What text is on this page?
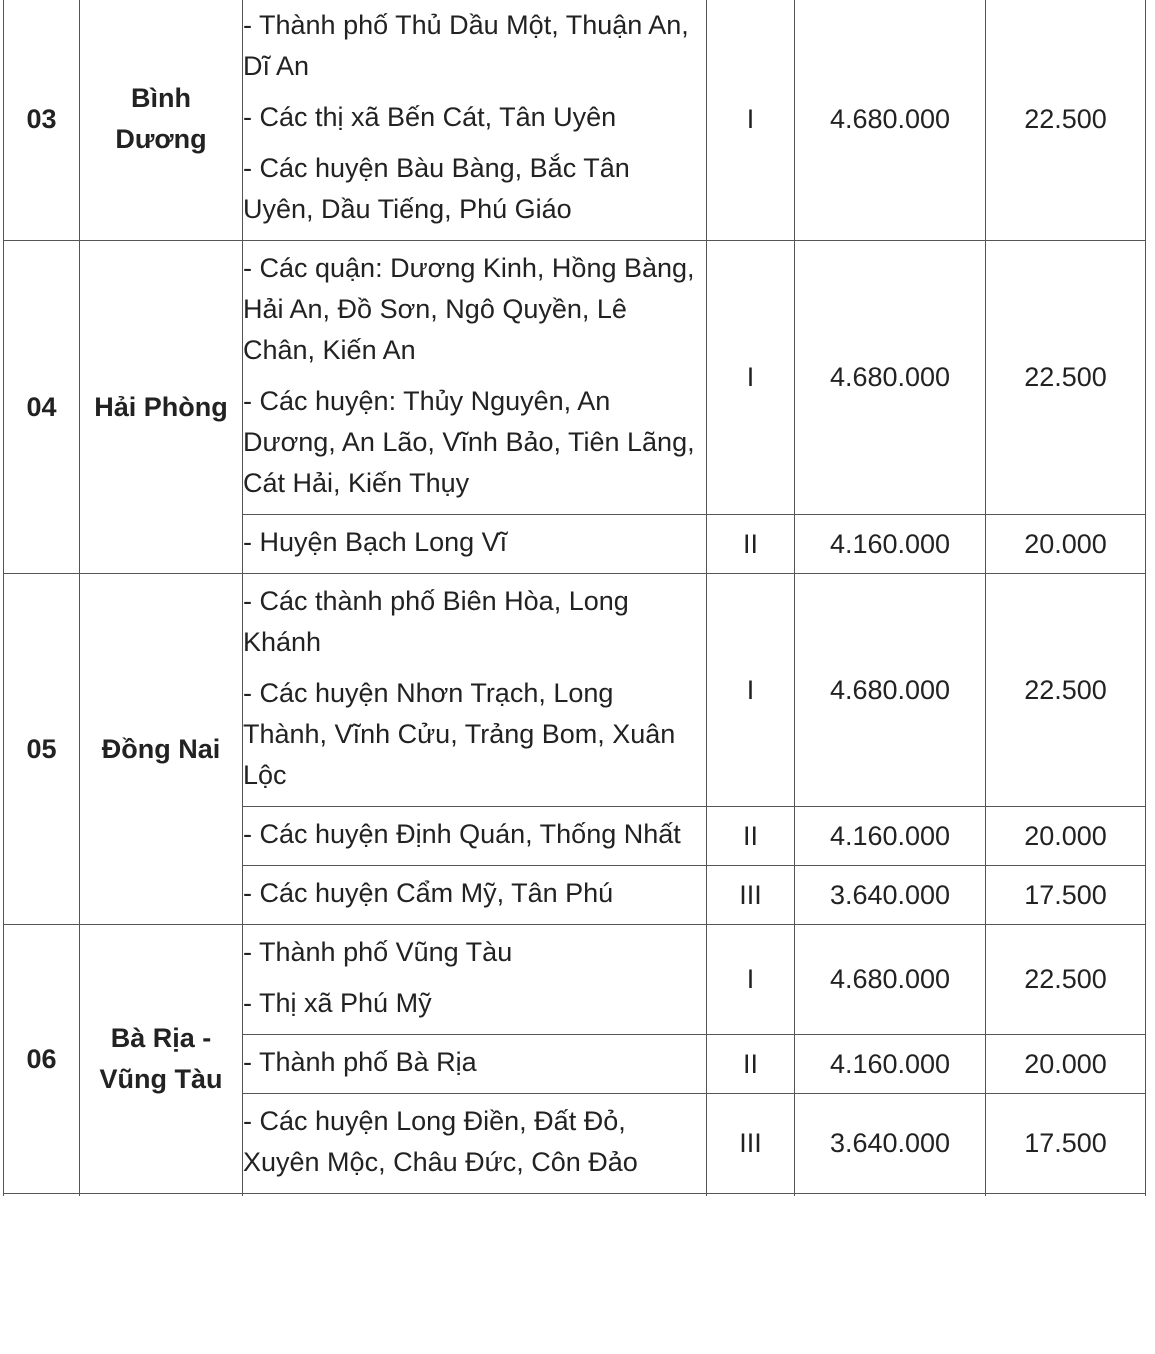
03	Bình Dương	- Thành phố Thủ Dầu Một, Thuận An, Dĩ An

- Các thị xã Bến Cát, Tân Uyên

- Các huyện Bàu Bàng, Bắc Tân Uyên, Dầu Tiếng, Phú Giáo	I	4.680.000	22.500
04	Hải Phòng	- Các quận: Dương Kinh, Hồng Bàng, Hải An, Đồ Sơn, Ngô Quyền, Lê Chân, Kiến An

- Các huyện: Thủy Nguyên, An Dương, An Lão, Vĩnh Bảo, Tiên Lãng, Cát Hải, Kiến Thụy	I	4.680.000	22.500

		- Huyện Bạch Long Vĩ	II	4.160.000	20.000
05	Đồng Nai	- Các thành phố Biên Hòa, Long Khánh

- Các huyện Nhơn Trạch, Long Thành, Vĩnh Cửu, Trảng Bom, Xuân Lộc	I	4.680.000	22.500

		- Các huyện Định Quán, Thống Nhất	II	4.160.000	20.000

		- Các huyện Cẩm Mỹ, Tân Phú	III	3.640.000	17.500
06	Bà Rịa - Vũng Tàu	- Thành phố Vũng Tàu

- Thị xã Phú Mỹ	I	4.680.000	22.500

		- Thành phố Bà Rịa	II	4.160.000	20.000

		- Các huyện Long Điền, Đất Đỏ, Xuyên Mộc, Châu Đức, Côn Đảo	III	3.640.000	17.500
